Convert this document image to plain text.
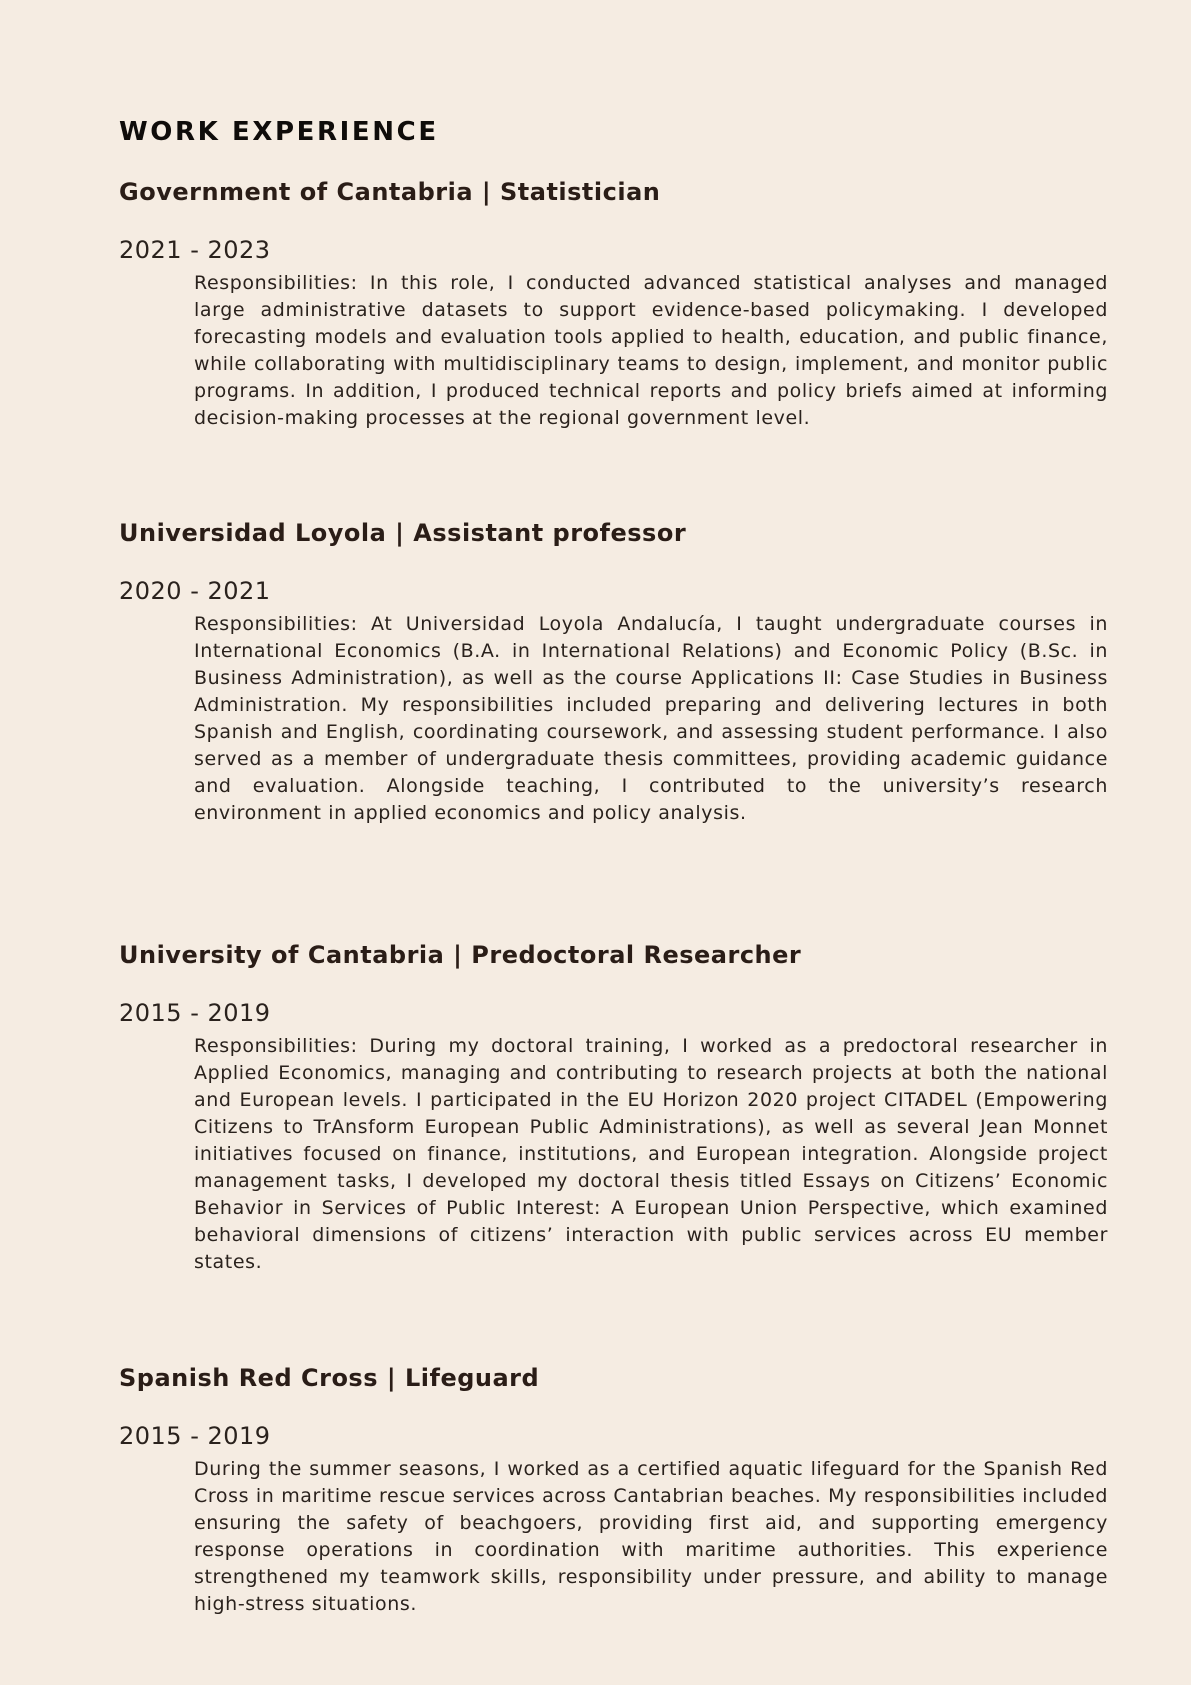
WORK EXPERIENCE
Government of Cantabria | Statistician
2021 - 2023

Responsibilities: In this role, I conducted advanced statistical analyses and managed large administrative datasets to support evidence-based policymaking. I developed forecasting models and evaluation tools applied to health, education, and public finance, while collaborating with multidisciplinary teams to design, implement, and monitor public programs. In addition, I produced technical reports and policy briefs aimed at informing decision-making processes at the regional government level.

Universidad Loyola | Assistant professor
2020 - 2021

Responsibilities: At Universidad Loyola Andalucía, I taught undergraduate courses in International Economics (B.A. in International Relations) and Economic Policy (B.Sc. in Business Administration), as well as the course Applications II: Case Studies in Business Administration. My responsibilities included preparing and delivering lectures in both Spanish and English, coordinating coursework, and assessing student performance. I also served as a member of undergraduate thesis committees, providing academic guidance and evaluation. Alongside teaching, I contributed to the university’s research environment in applied economics and policy analysis.

University of Cantabria | Predoctoral Researcher
2015 - 2019

Responsibilities: During my doctoral training, I worked as a predoctoral researcher in Applied Economics, managing and contributing to research projects at both the national and European levels. I participated in the EU Horizon 2020 project CITADEL (Empowering Citizens to TrAnsform European Public Administrations), as well as several Jean Monnet initiatives focused on finance, institutions, and European integration. Alongside project management tasks, I developed my doctoral thesis titled Essays on Citizens’ Economic Behavior in Services of Public Interest: A European Union Perspective, which examined behavioral dimensions of citizens’ interaction with public services across EU member states.

Spanish Red Cross | Lifeguard
2015 - 2019

During the summer seasons, I worked as a certified aquatic lifeguard for the Spanish Red Cross in maritime rescue services across Cantabrian beaches. My responsibilities included ensuring the safety of beachgoers, providing first aid, and supporting emergency response operations in coordination with maritime authorities. This experience strengthened my teamwork skills, responsibility under pressure, and ability to manage high-stress situations.
